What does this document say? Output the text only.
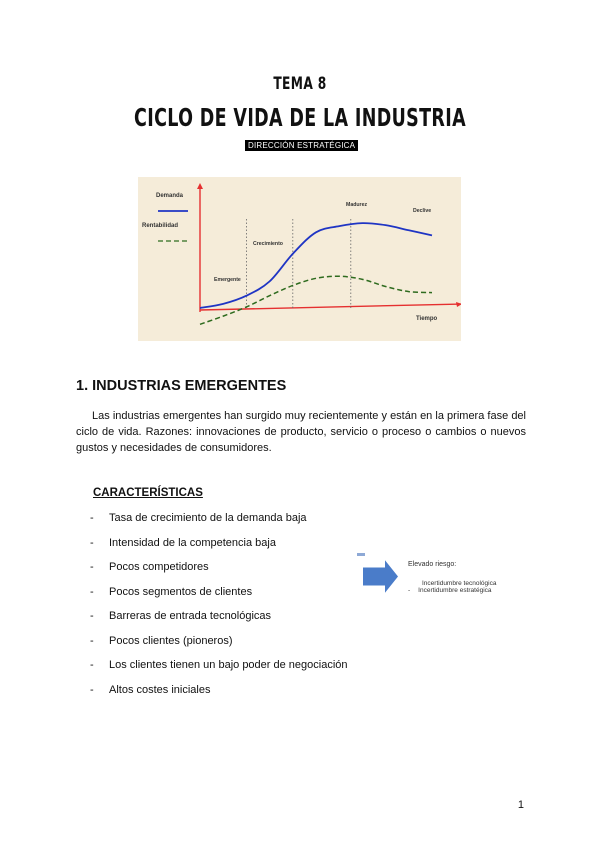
TEMA 8
CICLO DE VIDA DE LA INDUSTRIA
DIRECCIÓN ESTRATÉGICA
Demanda
Rentabilidad
Emergente
Crecimiento
Madurez
Declive
Tiempo
1. INDUSTRIAS EMERGENTES
Las industrias emergentes han surgido muy recientemente y están en la primera fase del ciclo de vida. Razones: innovaciones de producto, servicio o proceso o cambios o nuevos gustos y necesidades de consumidores.
CARACTERÍSTICAS
- Tasa de crecimiento de la demanda baja
- Intensidad de la competencia baja
- Pocos competidores
- Pocos segmentos de clientes
- Barreras de entrada tecnológicas
- Pocos clientes (pioneros)
- Los clientes tienen un bajo poder de negociación
- Altos costes iniciales
Elevado riesgo:
Incertidumbre tecnológica
- Incertidumbre estratégica
1
